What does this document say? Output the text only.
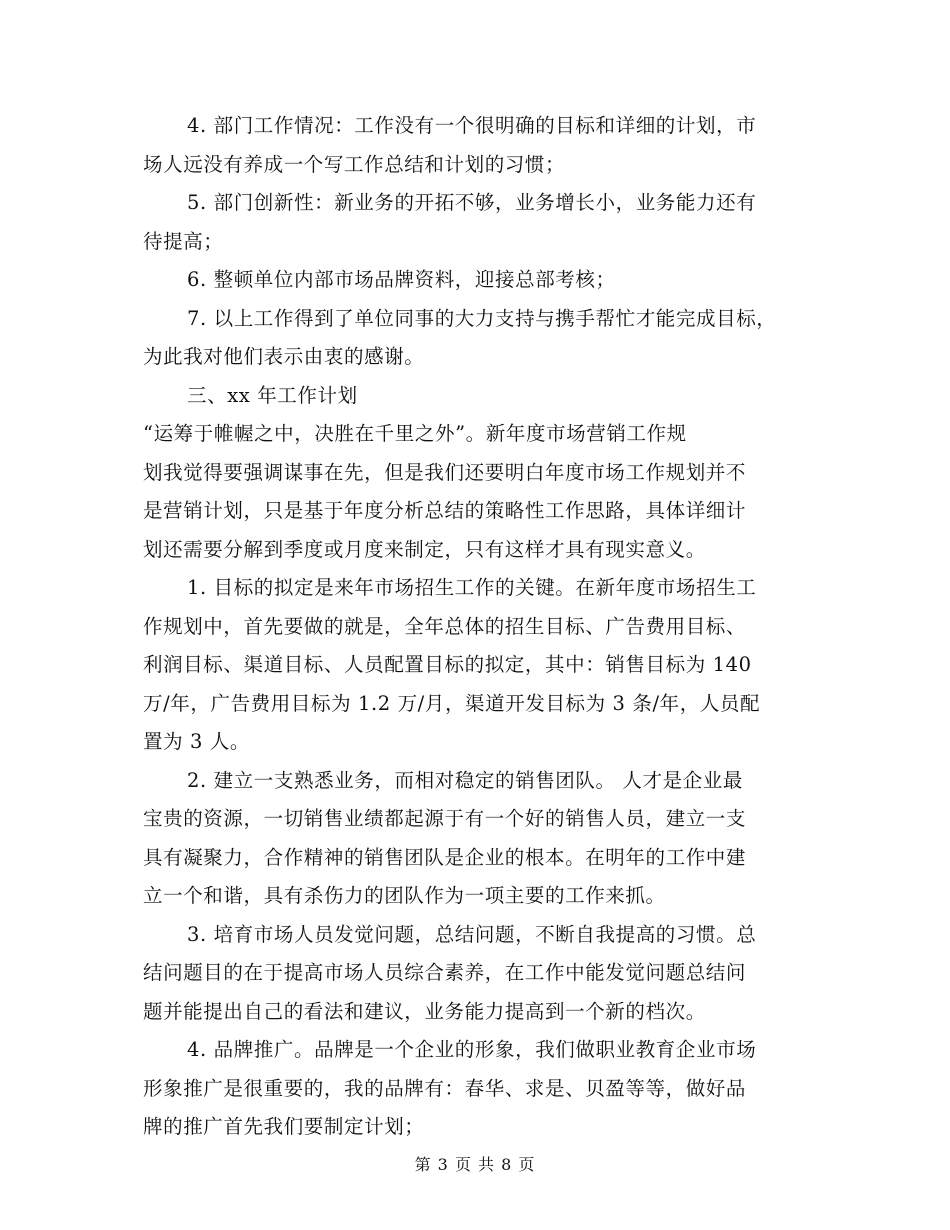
4. 部门工作情况：工作没有一个很明确的目标和详细的计划，市
场人远没有养成一个写工作总结和计划的习惯；
5. 部门创新性：新业务的开拓不够，业务增长小，业务能力还有
待提高；
6. 整顿单位内部市场品牌资料，迎接总部考核；
7. 以上工作得到了单位同事的大力支持与携手帮忙才能完成目标，
为此我对他们表示由衷的感谢。
三、xx 年工作计划
“运筹于帷幄之中，决胜在千里之外”。新年度市场营销工作规
划我觉得要强调谋事在先，但是我们还要明白年度市场工作规划并不
是营销计划，只是基于年度分析总结的策略性工作思路，具体详细计
划还需要分解到季度或月度来制定，只有这样才具有现实意义。
1. 目标的拟定是来年市场招生工作的关键。在新年度市场招生工
作规划中，首先要做的就是，全年总体的招生目标、广告费用目标、
利润目标、渠道目标、人员配置目标的拟定，其中：销售目标为 140
万/年，广告费用目标为 1.2 万/月，渠道开发目标为 3 条/年，人员配
置为 3 人。
2. 建立一支熟悉业务，而相对稳定的销售团队。 人才是企业最
宝贵的资源，一切销售业绩都起源于有一个好的销售人员，建立一支
具有凝聚力，合作精神的销售团队是企业的根本。在明年的工作中建
立一个和谐，具有杀伤力的团队作为一项主要的工作来抓。
3. 培育市场人员发觉问题，总结问题，不断自我提高的习惯。总
结问题目的在于提高市场人员综合素养，在工作中能发觉问题总结问
题并能提出自己的看法和建议，业务能力提高到一个新的档次。
4. 品牌推广。品牌是一个企业的形象，我们做职业教育企业市场
形象推广是很重要的，我的品牌有：春华、求是、贝盈等等，做好品
牌的推广首先我们要制定计划；
第 3 页 共 8 页
